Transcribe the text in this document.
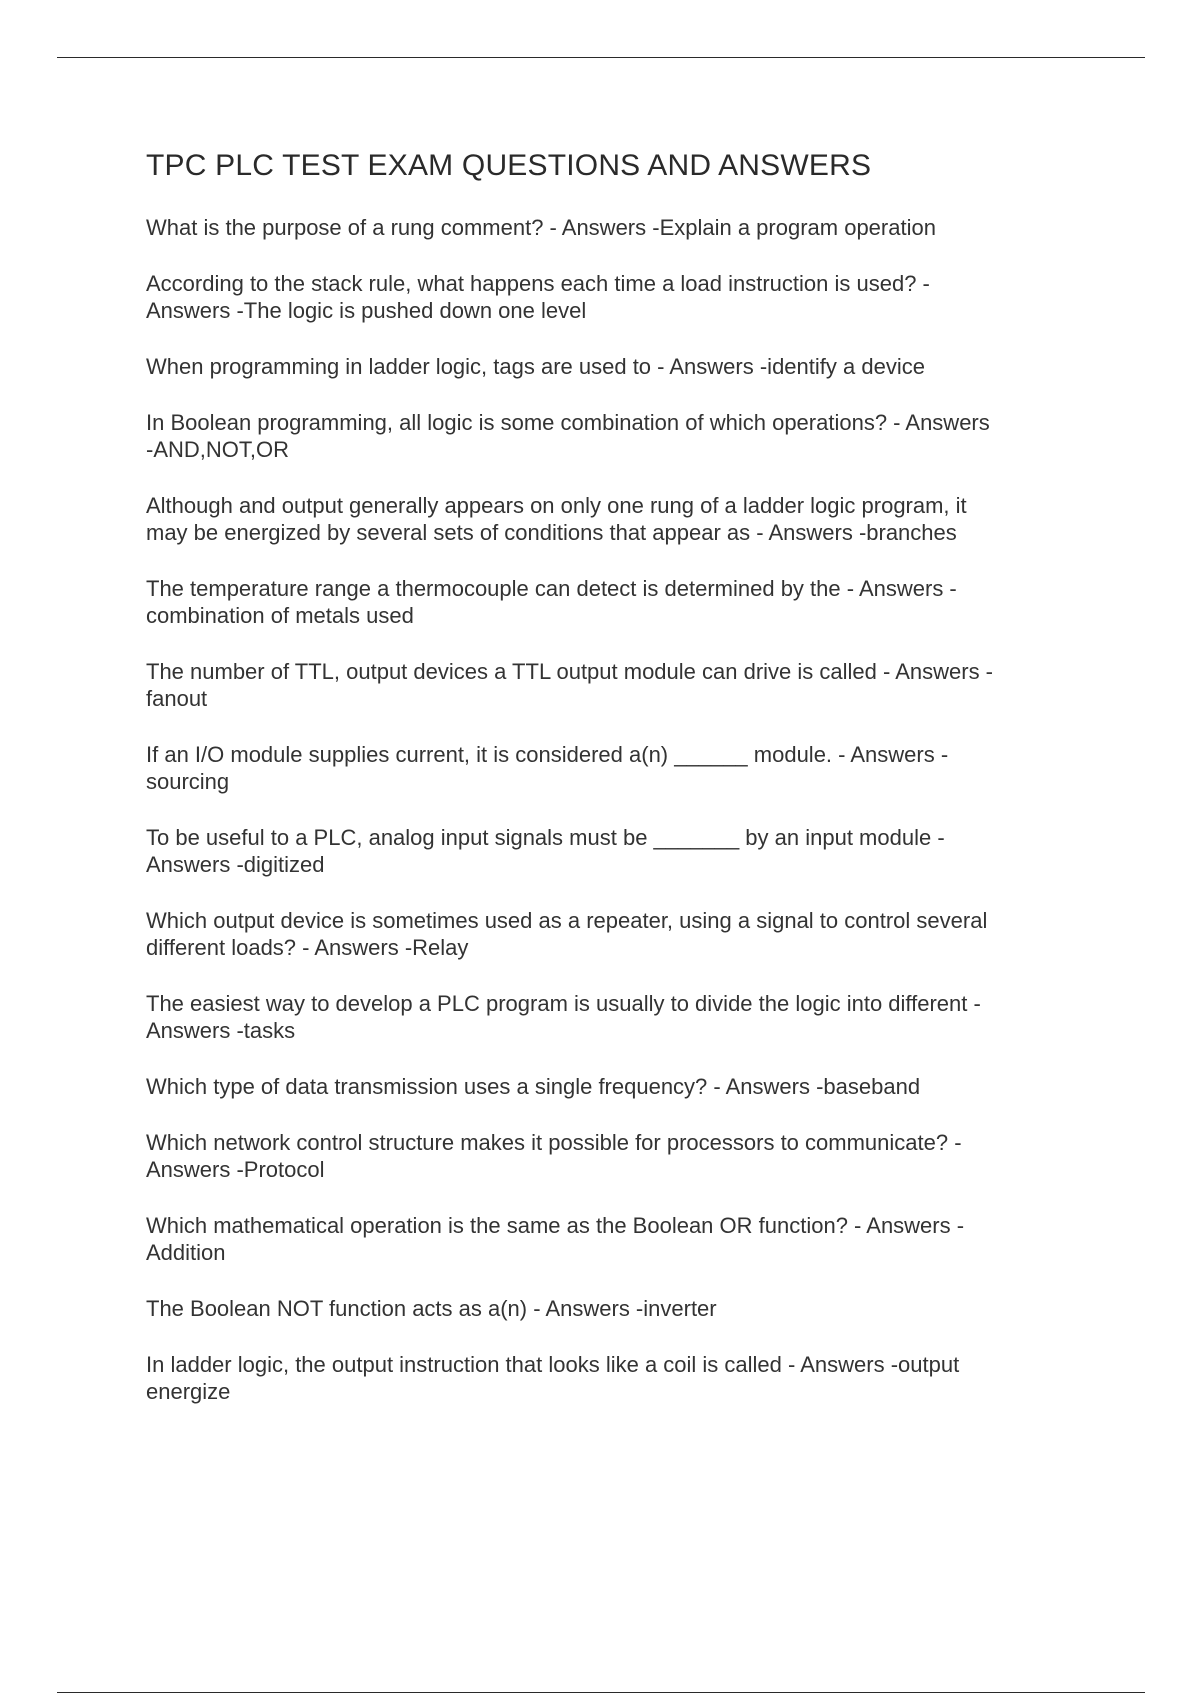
TPC PLC TEST EXAM QUESTIONS AND ANSWERS
What is the purpose of a rung comment? - Answers -Explain a program operation
According to the stack rule, what happens each time a load instruction is used? -
Answers -The logic is pushed down one level
When programming in ladder logic, tags are used to - Answers -identify a device
In Boolean programming, all logic is some combination of which operations? - Answers
-AND,NOT,OR
Although and output generally appears on only one rung of a ladder logic program, it
may be energized by several sets of conditions that appear as - Answers -branches
The temperature range a thermocouple can detect is determined by the - Answers -
combination of metals used
The number of TTL, output devices a TTL output module can drive is called - Answers -
fanout
If an I/O module supplies current, it is considered a(n) ______ module. - Answers -
sourcing
To be useful to a PLC, analog input signals must be _______ by an input module -
Answers -digitized
Which output device is sometimes used as a repeater, using a signal to control several
different loads? - Answers -Relay
The easiest way to develop a PLC program is usually to divide the logic into different -
Answers -tasks
Which type of data transmission uses a single frequency? - Answers -baseband
Which network control structure makes it possible for processors to communicate? -
Answers -Protocol
Which mathematical operation is the same as the Boolean OR function? - Answers -
Addition
The Boolean NOT function acts as a(n) - Answers -inverter
In ladder logic, the output instruction that looks like a coil is called - Answers -output
energize
